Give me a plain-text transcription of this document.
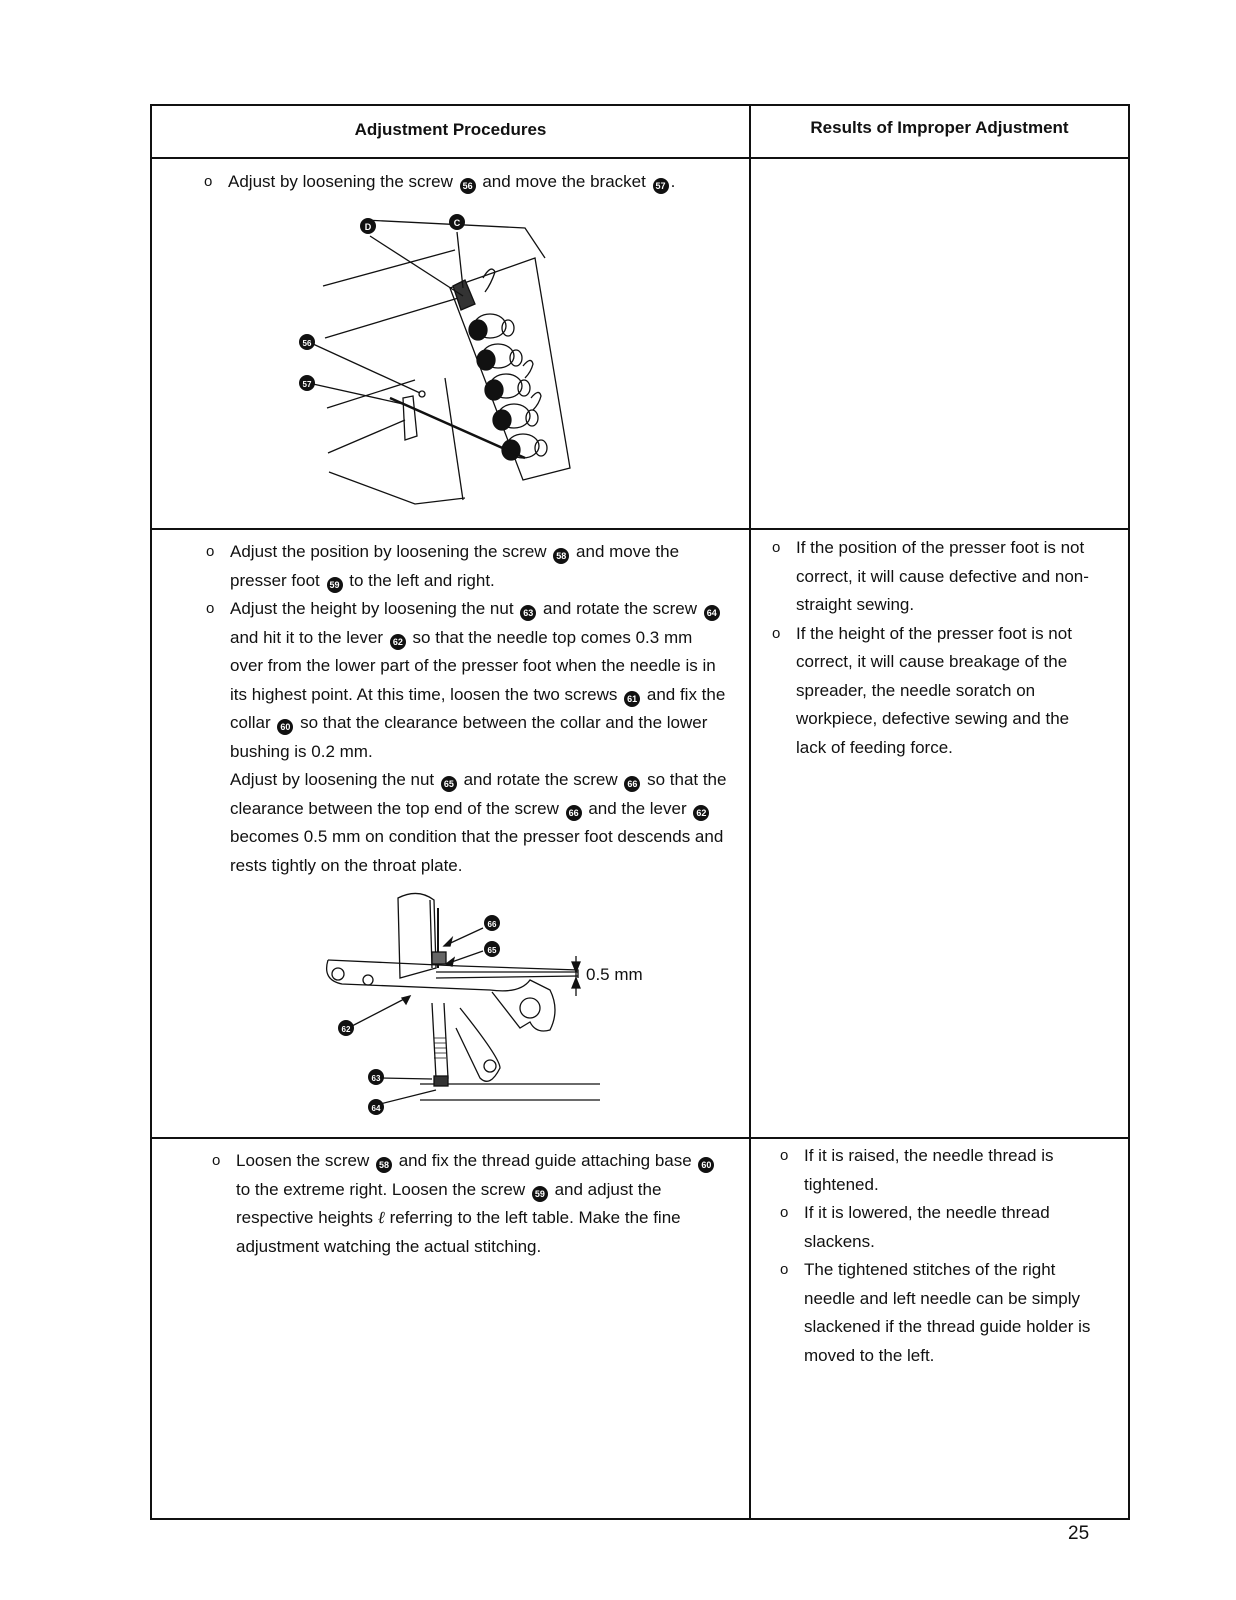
Adjustment Procedures	Results of Improper Adjustment
o Adjust by loosening the screw 56 and move the bracket 57 .
D	C
56
57
o Adjust the position by loosening the screw 58 and move the presser foot 59 to the left and right.
o Adjust the height by loosening the nut 63 and rotate the screw 64 and hit it to the lever 62 so that the needle top comes 0.3 mm over from the lower part of the presser foot when the needle is in its highest point. At this time, loosen the two screws 61 and fix the collar 60 so that the clearance between the collar and the lower bushing is 0.2 mm.
Adjust by loosening the nut 65 and rotate the screw 66 so that the clearance between the top end of the screw 66 and the lever 62 becomes 0.5 mm on condition that the presser foot descends and rests tightly on the throat plate.
0.5 mm
66
65
62
63
64
o If the position of the presser foot is not correct, it will cause defective and non-straight sewing.
o If the height of the presser foot is not correct, it will cause breakage of the spreader, the needle soratch on workpiece, defective sewing and the lack of feeding force.
o Loosen the screw 58 and fix the thread guide attaching base 60 to the extreme right. Loosen the screw 59 and adjust the respective heights ℓ referring to the left table. Make the fine adjustment watching the actual stitching.
o If it is raised, the needle thread is tightened.
o If it is lowered, the needle thread slackens.
o The tightened stitches of the right needle and left needle can be simply slackened if the thread guide holder is moved to the left.
25
